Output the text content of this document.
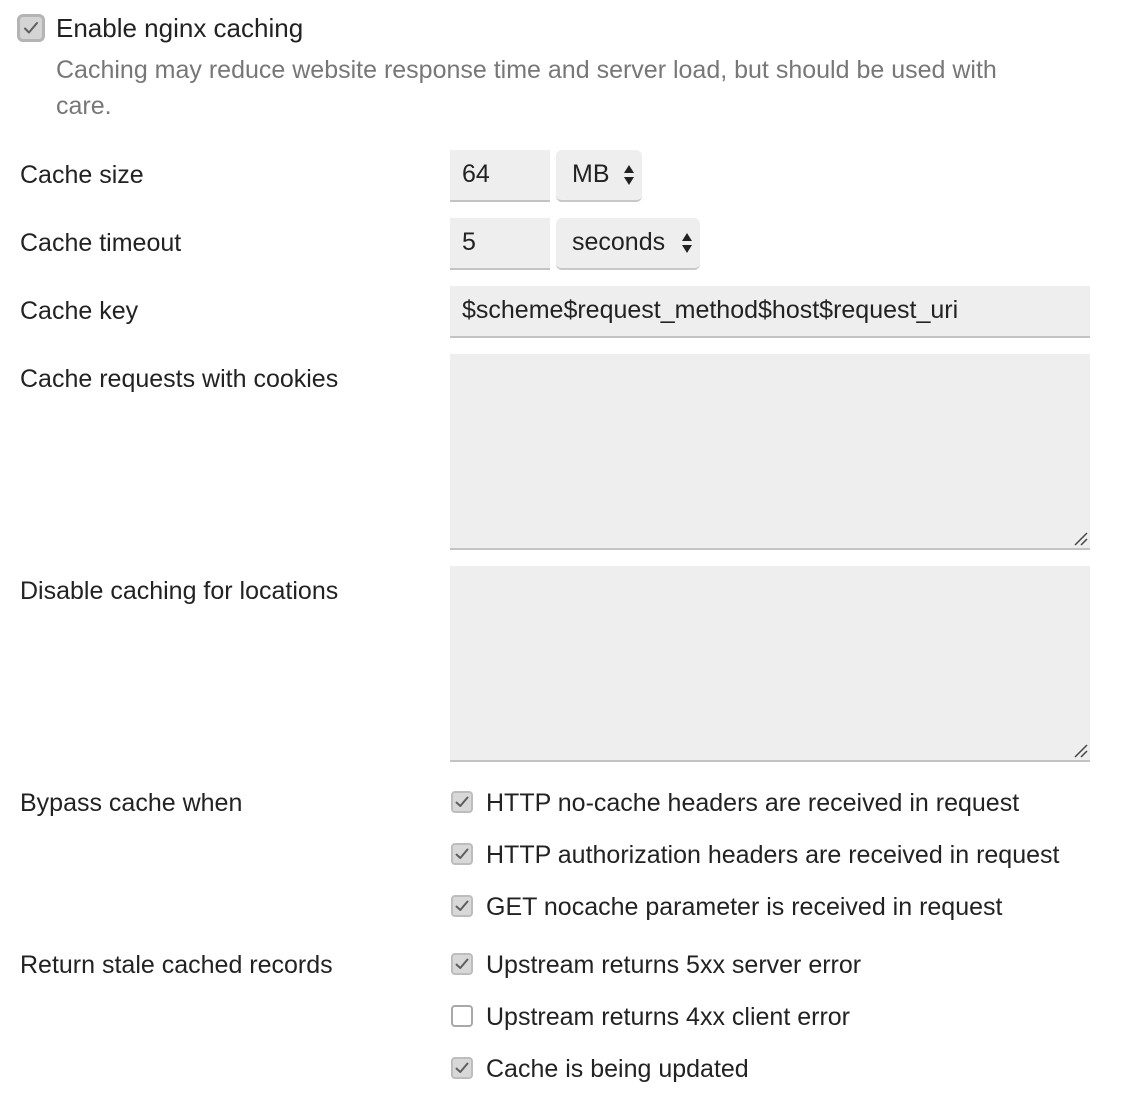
Enable nginx caching
Caching may reduce website response time and server load, but should be used with care.
Cache size	64	MB
Cache timeout	5	seconds
Cache key	$scheme$request_method$host$request_uri
Cache requests with cookies
Disable caching for locations
Bypass cache when	HTTP no-cache headers are received in request
HTTP authorization headers are received in request
GET nocache parameter is received in request
Return stale cached records	Upstream returns 5xx server error
Upstream returns 4xx client error
Cache is being updated
